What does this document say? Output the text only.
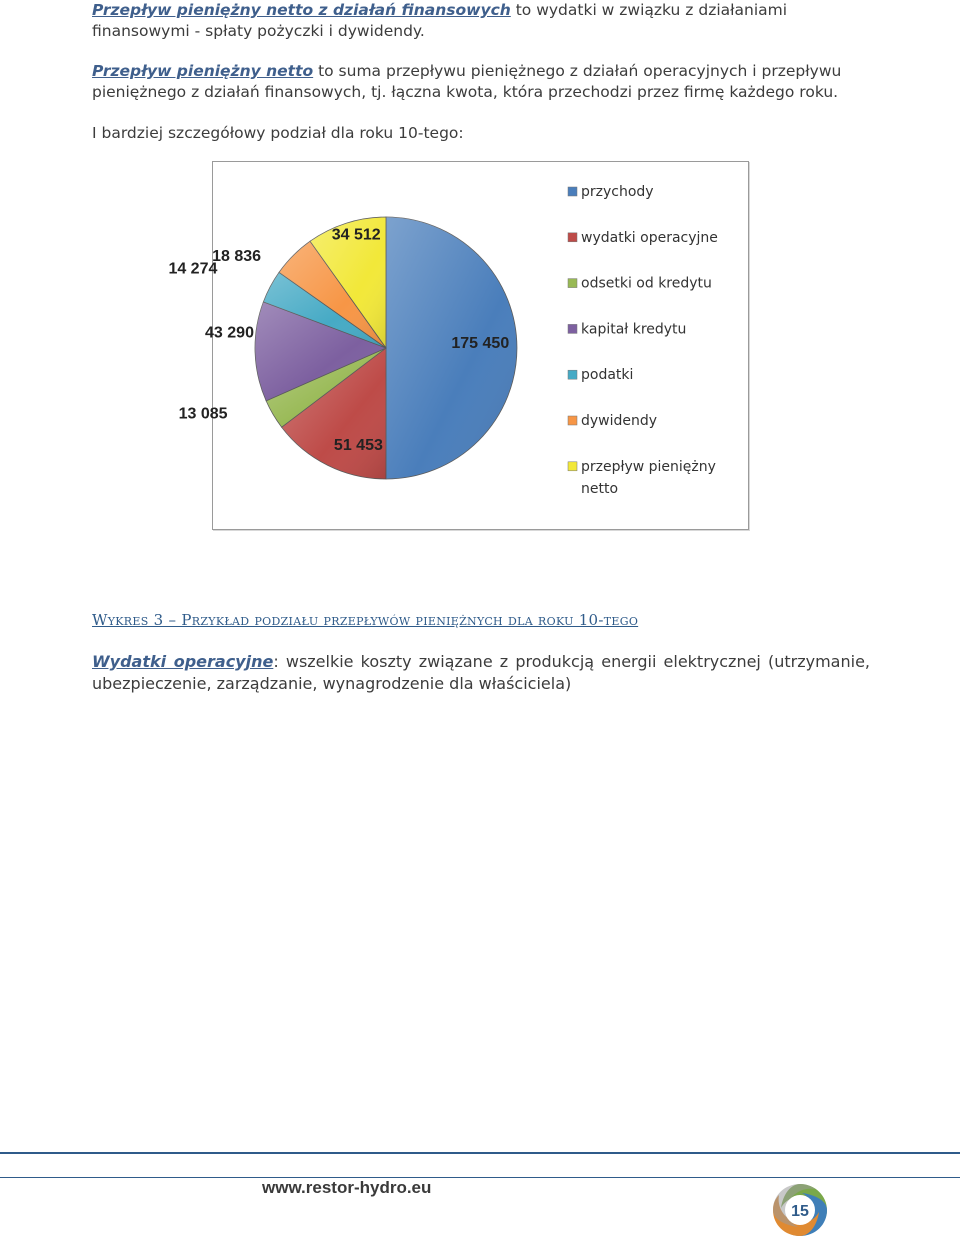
Przepływ pieniężny netto z działań finansowych to wydatki w związku z działaniami finansowymi - spłaty pożyczki i dywidendy.

Przepływ pieniężny netto to suma przepływu pieniężnego z działań operacyjnych i przepływu pieniężnego z działań finansowych, tj. łączna kwota, która przechodzi przez firmę każdego roku.

I bardziej szczegółowy podział dla roku 10-tego:

175 450
51 453
13 085
43 290
14 274
18 836
34 512
przychody
wydatki operacyjne
odsetki od kredytu
kapitał kredytu
podatki
dywidendy
przepływ pieniężny netto

Wykres 3 – Przykład podziału przepływów pieniężnych dla roku 10-tego

Wydatki operacyjne: wszelkie koszty związane z produkcją energii elektrycznej (utrzymanie, ubezpieczenie, zarządzanie, wynagrodzenie dla właściciela)

www.restor-hydro.eu
15
